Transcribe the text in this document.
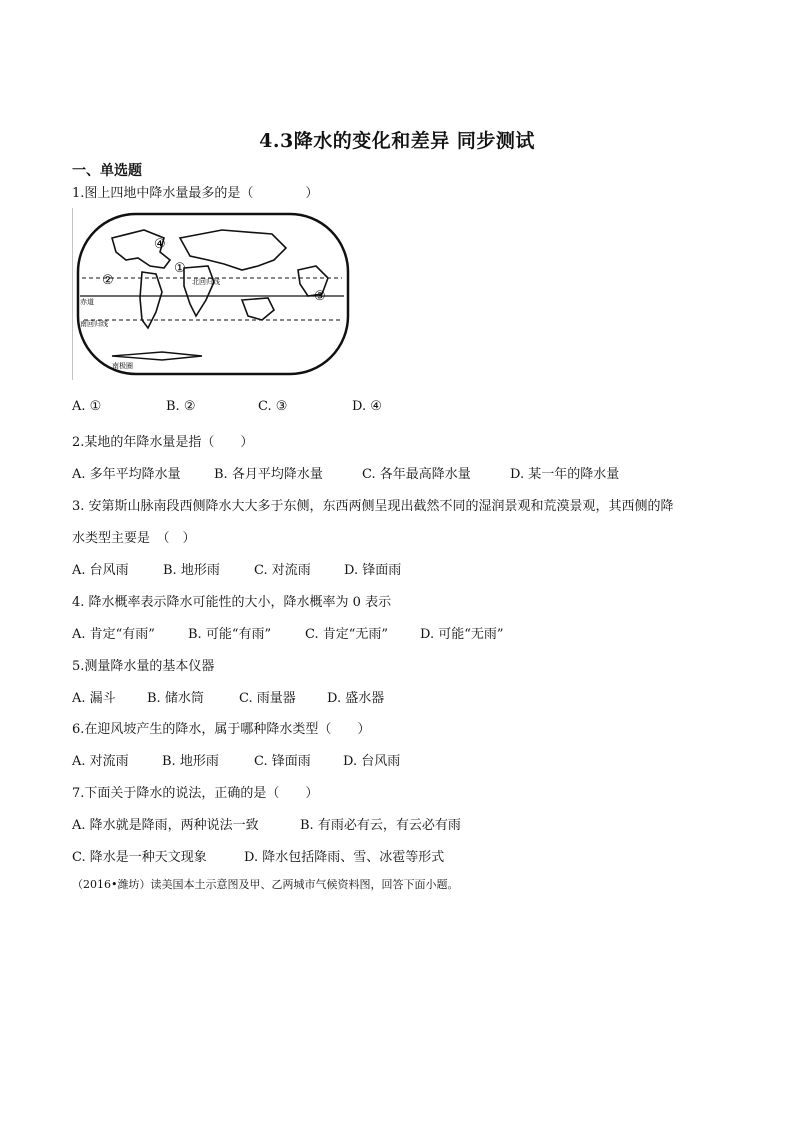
4.3降水的变化和差异 同步测试
一、单选题
1.图上四地中降水量最多的是（　　　　）
赤道
南回归线
北回归线
南极圈
①
②
③
④
A. ①	B. ②	C. ③	D. ④
2.某地的年降水量是指（　　）
A. 多年平均降水量	B. 各月平均降水量	C. 各年最高降水量	D. 某一年的降水量
3. 安第斯山脉南段西侧降水大大多于东侧，东西两侧呈现出截然不同的湿润景观和荒漠景观，其西侧的降
水类型主要是　（　）
A. 台风雨	B. 地形雨	C. 对流雨	D. 锋面雨
4. 降水概率表示降水可能性的大小，降水概率为 0 表示
A. 肯定“有雨”	B. 可能“有雨”	C. 肯定“无雨” D. 可能“无雨”
5.测量降水量的基本仪器
A. 漏斗 B. 储水筒	C. 雨量器 D. 盛水器
6.在迎风坡产生的降水，属于哪种降水类型（　　）
A. 对流雨	B. 地形雨	C. 锋面雨 D. 台风雨
7.下面关于降水的说法，正确的是（　　）
A. 降水就是降雨，两种说法一致	B. 有雨必有云，有云必有雨
C. 降水是一种天文现象	D. 降水包括降雨、雪、冰雹等形式
（2016•潍坊）读美国本土示意图及甲、乙两城市气候资料图，回答下面小题。
